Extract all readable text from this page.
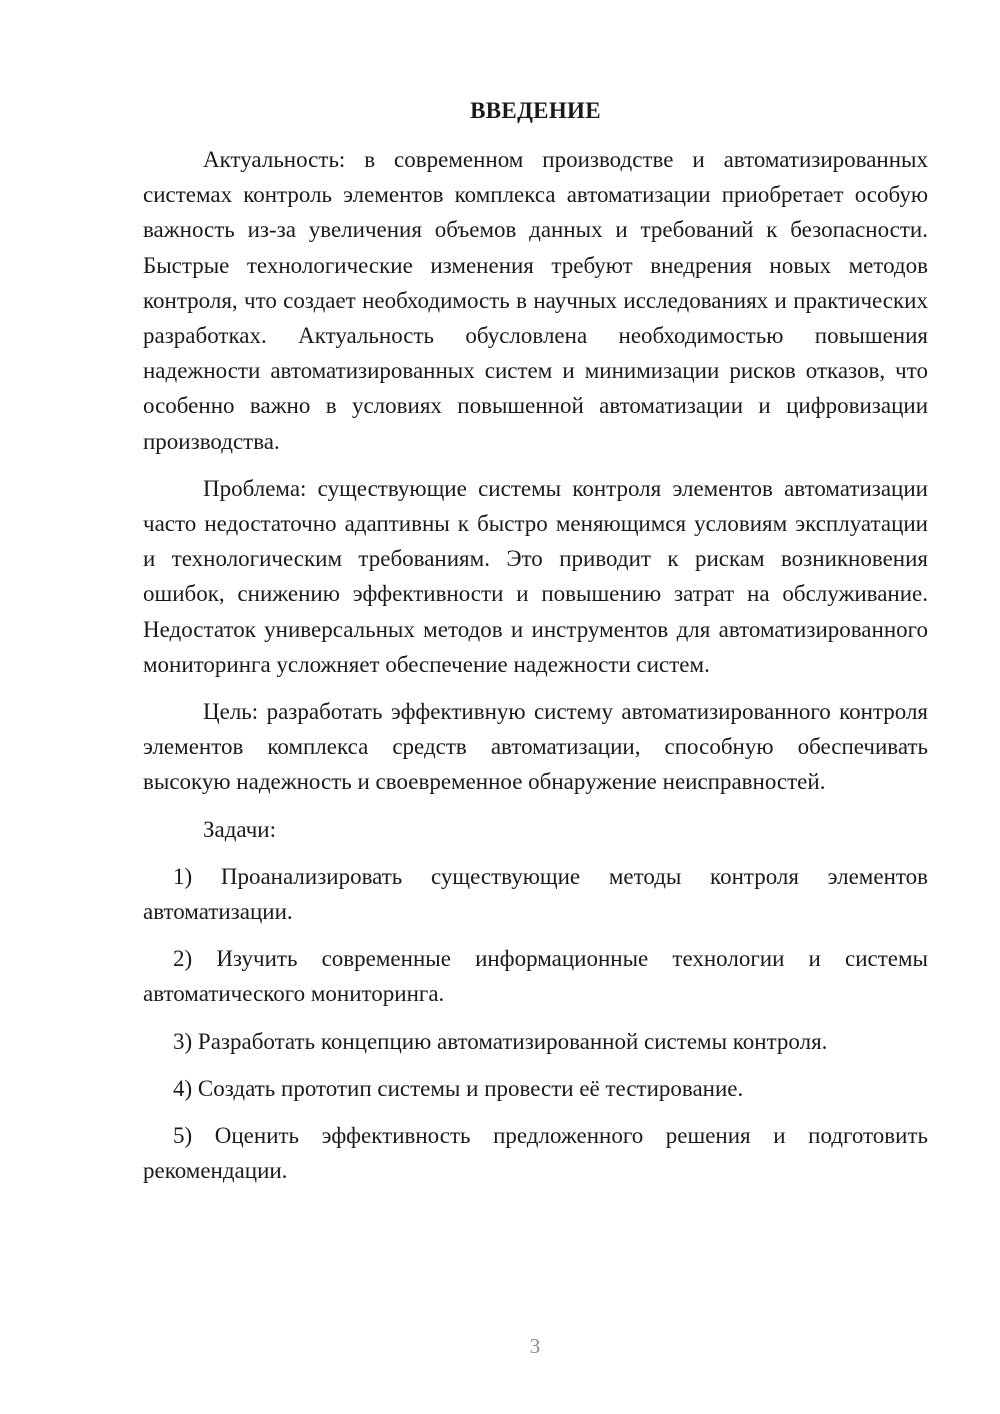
ВВЕДЕНИЕ

Актуальность: в современном производстве и автоматизированных системах контроль элементов комплекса автоматизации приобретает особую важность из-за увеличения объемов данных и требований к безопасности. Быстрые технологические изменения требуют внедрения новых методов контроля, что создает необходимость в научных исследованиях и практических разработках. Актуальность обусловлена необходимостью повышения надежности автоматизированных систем и минимизации рисков отказов, что особенно важно в условиях повышенной автоматизации и цифровизации производства.

Проблема: существующие системы контроля элементов автоматизации часто недостаточно адаптивны к быстро меняющимся условиям эксплуатации и технологическим требованиям. Это приводит к рискам возникновения ошибок, снижению эффективности и повышению затрат на обслуживание. Недостаток универсальных методов и инструментов для автоматизированного мониторинга усложняет обеспечение надежности систем.

Цель: разработать эффективную систему автоматизированного контроля элементов комплекса средств автоматизации, способную обеспечивать высокую надежность и своевременное обнаружение неисправностей.

Задачи:

1) Проанализировать существующие методы контроля элементов автоматизации.

2) Изучить современные информационные технологии и системы автоматического мониторинга.

3) Разработать концепцию автоматизированной системы контроля.

4) Создать прототип системы и провести её тестирование.

5) Оценить эффективность предложенного решения и подготовить рекомендации.

3
